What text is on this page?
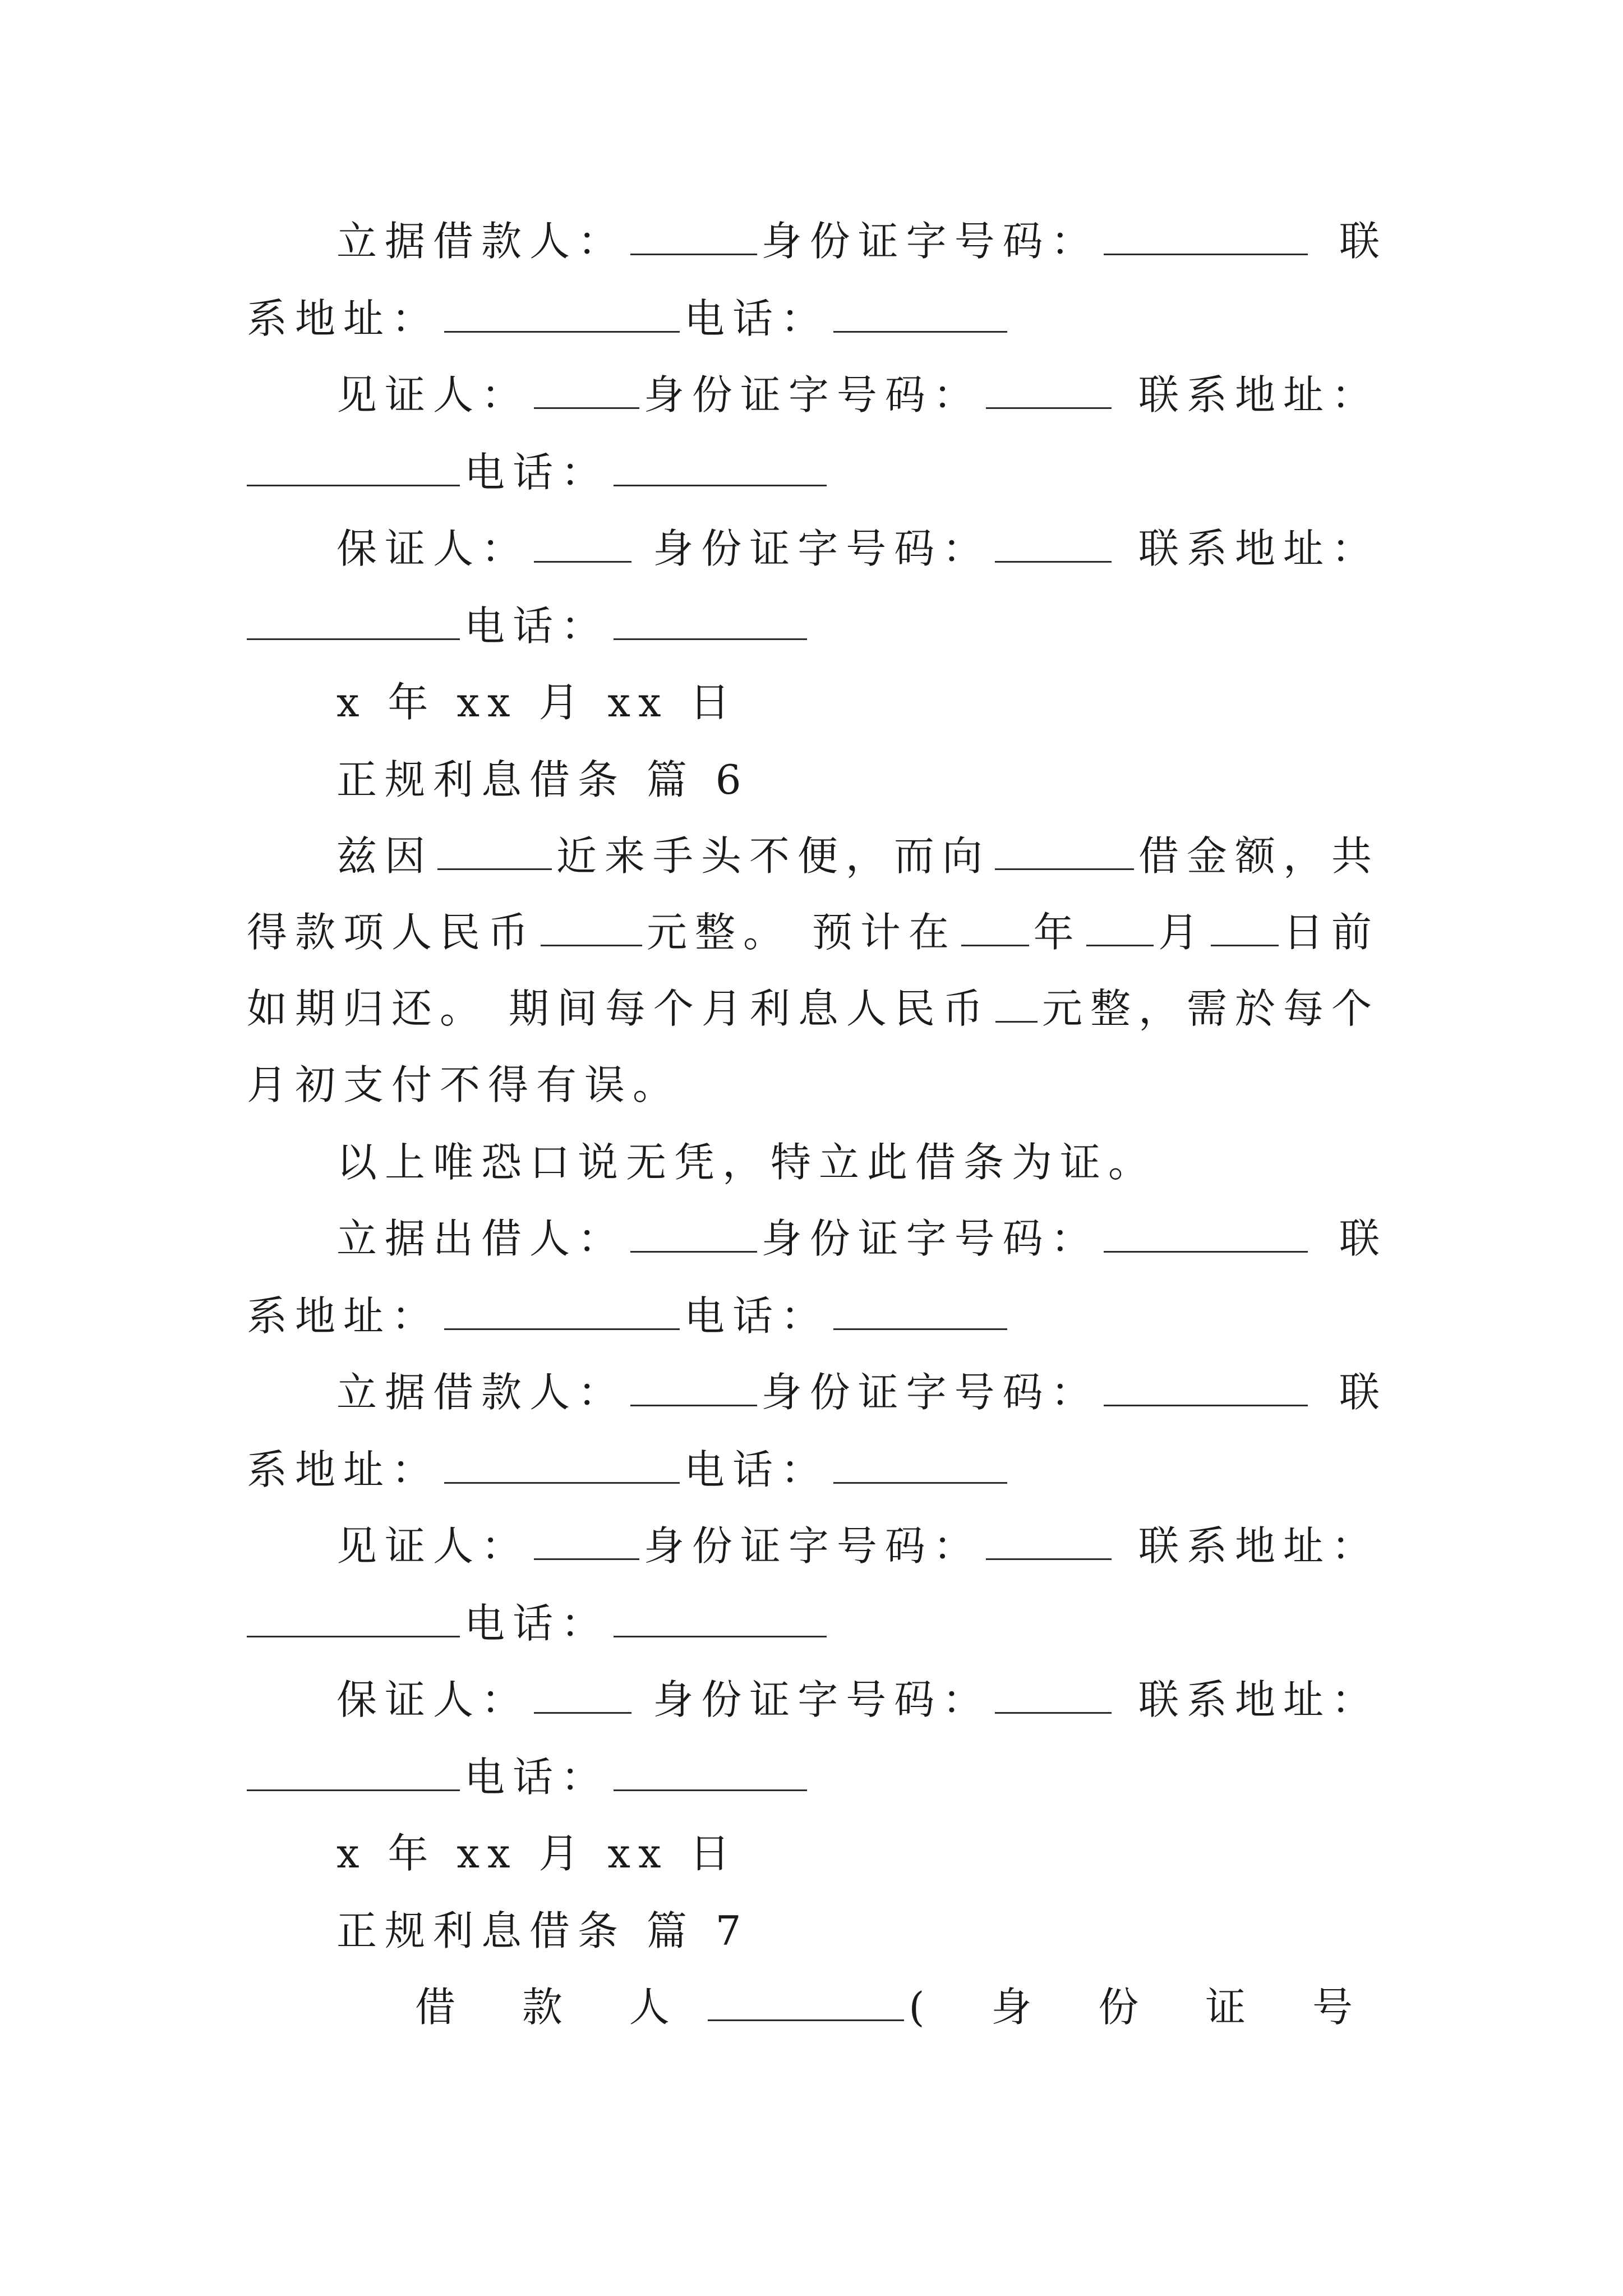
立据借款人：	身份证字号码：	联
系地址：	电话：
见证人：	身份证字号码：	联系地址：
电话：
保证人：	身份证字号码：	联系地址：
电话：
x 年 xx 月 xx 日
正规利息借条 篇 6
兹因	近来手头不便，而向	借金额，共
得款项人民币	元整。 预计在 年 月 日前
如期归还。 期间每个月利息人民币 元整，需於每个
月初支付不得有误。
以上唯恐口说无凭，特立此借条为证。
立据出借人：	身份证字号码：	联
系地址：	电话：
立据借款人：	身份证字号码：	联
系地址：	电话：
见证人：	身份证字号码：	联系地址：
电话：
保证人：	身份证字号码：	联系地址：
电话：
x 年 xx 月 xx 日
正规利息借条 篇 7
借 款 人	( 身 份 证 号
